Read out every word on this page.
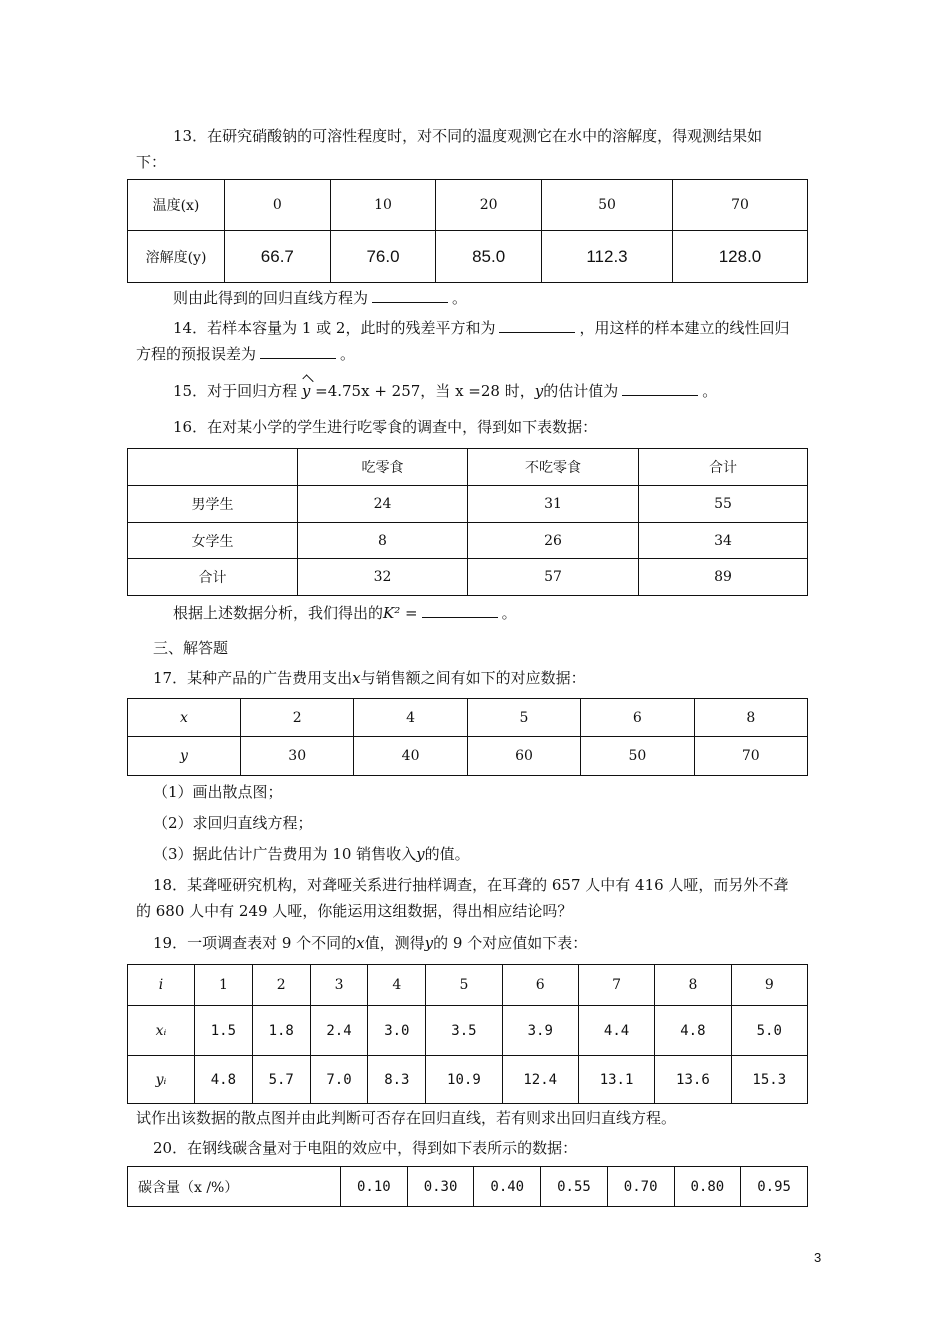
13．在研究硝酸钠的可溶性程度时，对不同的温度观测它在水中的溶解度，得观测结果如
下：
温度(x)	0	10	20	50	70
溶解度(y)	66.7	76.0	85.0	112.3	128.0
则由此得到的回归直线方程为	。
14．若样本容量为 1 或 2，此时的残差平方和为	，用这样的样本建立的线性回归
方程的预报误差为	。
15．对于回归方程 y =4.75x + 257，当 x =28 时，y的估计值为	。
16．在对某小学的学生进行吃零食的调查中，得到如下表数据：
	吃零食	不吃零食	合计
男学生	24	31	55
女学生	8	26	34
合计	32	57	89
根据上述数据分析，我们得出的K² =	。
三、解答题
17．某种产品的广告费用支出x与销售额之间有如下的对应数据：
x	2	4	5	6	8
y	30	40	60	50	70
（1）画出散点图；
（2）求回归直线方程；
（3）据此估计广告费用为 10 销售收入y的值。
18．某聋哑研究机构，对聋哑关系进行抽样调查，在耳聋的 657 人中有 416 人哑，而另外不聋
的 680 人中有 249 人哑，你能运用这组数据，得出相应结论吗？
19．一项调查表对 9 个不同的x值，测得y的 9 个对应值如下表：
i	1	2	3	4	5	6	7	8	9
xᵢ	1.5	1.8	2.4	3.0	3.5	3.9	4.4	4.8	5.0
yᵢ	4.8	5.7	7.0	8.3	10.9	12.4	13.1	13.6	15.3
试作出该数据的散点图并由此判断可否存在回归直线，若有则求出回归直线方程。
20．在钢线碳含量对于电阻的效应中，得到如下表所示的数据：
碳含量（x /%）	0.10	0.30	0.40	0.55	0.70	0.80	0.95
3
